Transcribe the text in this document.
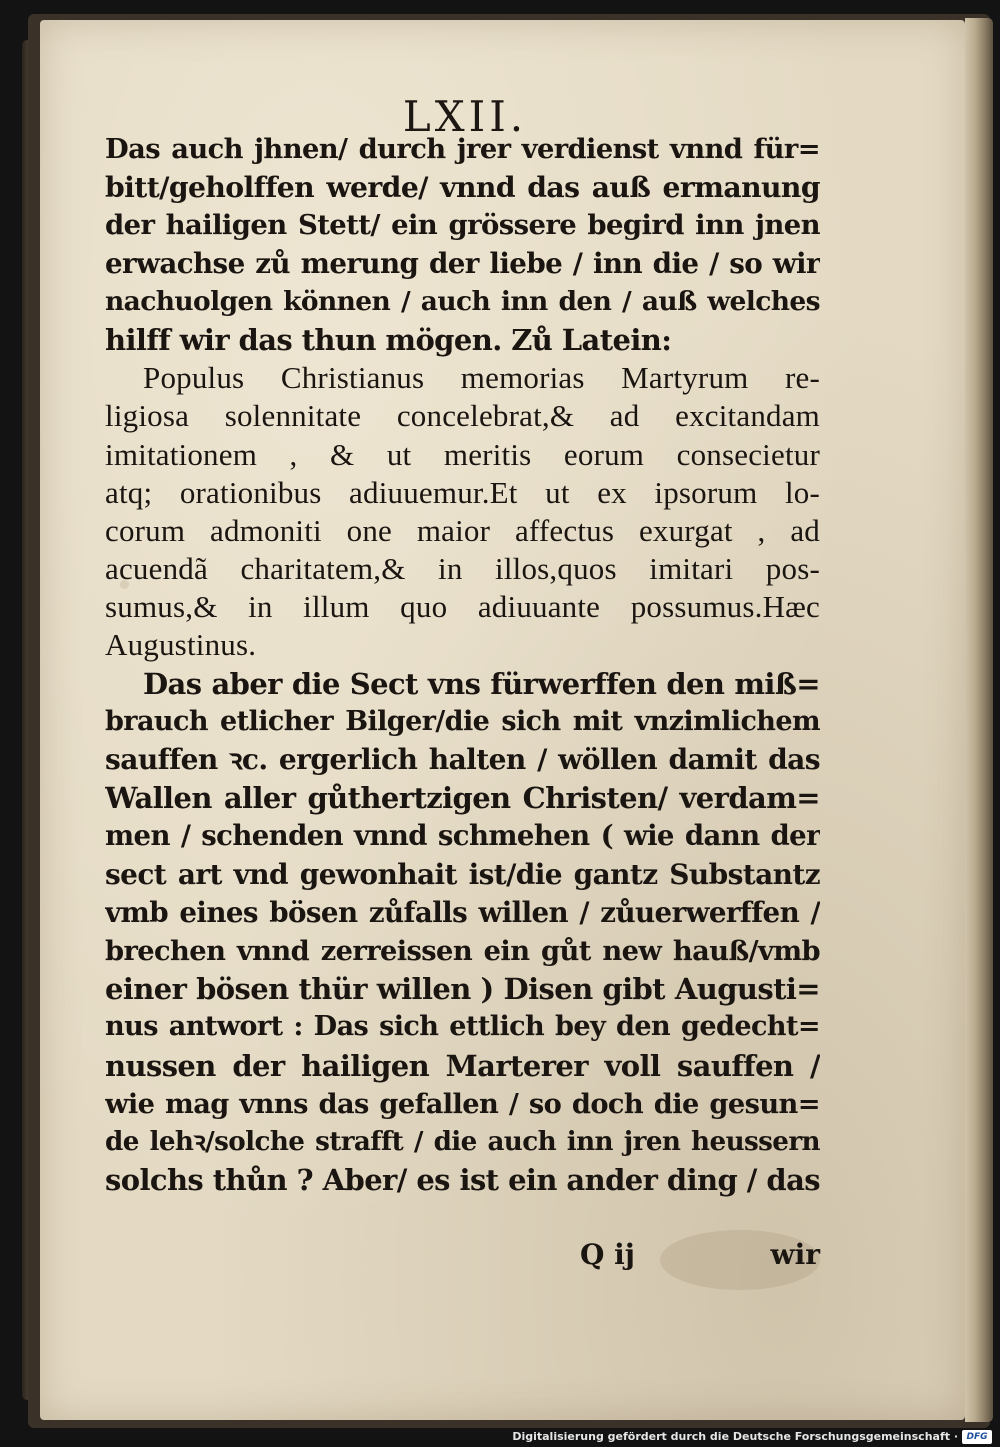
LXII.
Das auch jhnen/ durch jrer verdienst vnnd für=
bitt/geholffen werde/ vnnd das auß ermanung
der hailigen Stett/ ein grössere begird inn jnen
erwachse zů merung der liebe / inn die / so wir
nachuolgen können / auch inn den / auß welches
hilff wir das thun mögen. Zů Latein:
Populus Christianus memorias Martyrum re-
ligiosa solennitate concelebrat,& ad excitandam
imitationem , & ut meritis eorum consecietur
atq; orationibus adiuuemur.Et ut ex ipsorum lo-
corum admoniti one maior affectus exurgat , ad
acuendã charitatem,& in illos,quos imitari pos-
sumus,& in illum quo adiuuante possumus.Hæc
Augustinus.
Das aber die Sect vns fürwerffen den miß=
brauch etlicher Bilger/die sich mit vnzimlichem
sauffen ꝛc. ergerlich halten / wöllen damit das
Wallen aller gůthertzigen Christen/ verdam=
men / schenden vnnd schmehen ( wie dann der
sect art vnd gewonhait ist/die gantz Substantz
vmb eines bösen zůfalls willen / zůuerwerffen /
brechen vnnd zerreissen ein gůt new hauß/vmb
einer bösen thür willen ) Disen gibt Augusti=
nus antwort : Das sich ettlich bey den gedecht=
nussen der hailigen Marterer voll sauffen /
wie mag vnns das gefallen / so doch die gesun=
de lehꝛ/solche strafft / die auch inn jren heussern
solchs thůn ? Aber/ es ist ein ander ding / das
Q ij	wir
Digitalisierung gefördert durch die Deutsche Forschungsgemeinschaft · DFG
